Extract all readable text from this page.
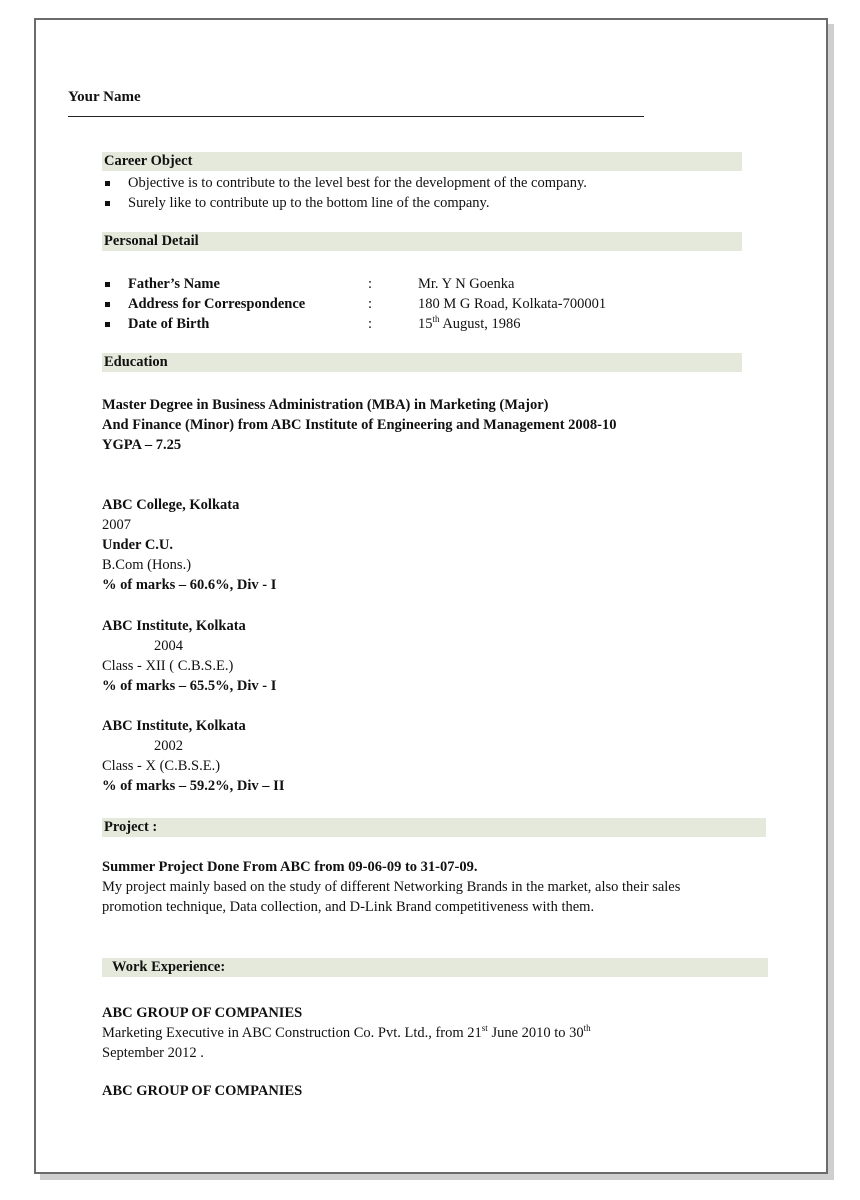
Your Name
Career Object
Objective is to contribute to the level best for the development of the company.
Surely like to contribute up to the bottom line of the company.
Personal Detail
Father’s Name	:	Mr. Y N Goenka
Address for Correspondence	:	180 M G Road, Kolkata-700001
Date of Birth	:	15th August, 1986
Education
Master Degree in Business Administration (MBA) in Marketing (Major)
And Finance (Minor) from ABC Institute of Engineering and Management 2008-10
YGPA – 7.25
ABC College, Kolkata
2007
Under C.U.
B.Com (Hons.)
% of marks – 60.6%, Div - I
ABC Institute, Kolkata
2004
Class - XII ( C.B.S.E.)
% of marks – 65.5%, Div - I
ABC Institute, Kolkata
2002
Class - X (C.B.S.E.)
% of marks – 59.2%, Div – II
Project :
Summer Project Done From ABC from 09-06-09 to 31-07-09.
My project mainly based on the study of different Networking Brands in the market, also their sales promotion technique, Data collection, and D-Link Brand competitiveness with them.
Work Experience:
ABC GROUP OF COMPANIES
Marketing Executive in ABC Construction Co. Pvt. Ltd., from 21st June 2010 to 30th
September 2012 .
ABC GROUP OF COMPANIES
